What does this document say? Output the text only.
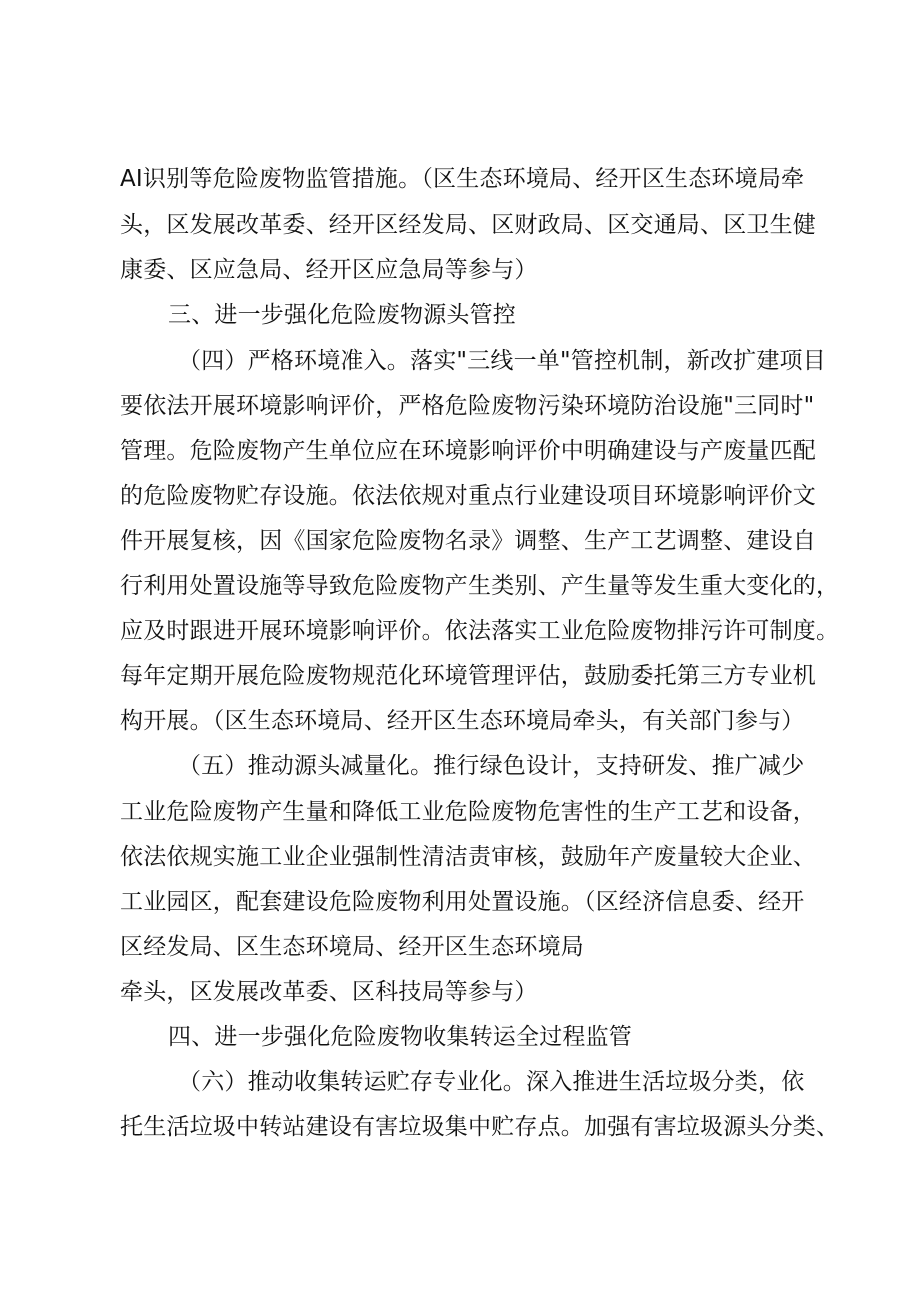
AI识别等危险废物监管措施。（区生态环境局、经开区生态环境局牵
头，区发展改革委、经开区经发局、区财政局、区交通局、区卫生健
康委、区应急局、经开区应急局等参与）
三、进一步强化危险废物源头管控
（四）严格环境准入。落实"三线一单"管控机制，新改扩建项目
要依法开展环境影响评价，严格危险废物污染环境防治设施"三同时"
管理。危险废物产生单位应在环境影响评价中明确建设与产废量匹配
的危险废物贮存设施。依法依规对重点行业建设项目环境影响评价文
件开展复核，因《国家危险废物名录》调整、生产工艺调整、建设自
行利用处置设施等导致危险废物产生类别、产生量等发生重大变化的，
应及时跟进开展环境影响评价。依法落实工业危险废物排污许可制度。
每年定期开展危险废物规范化环境管理评估，鼓励委托第三方专业机
构开展。（区生态环境局、经开区生态环境局牵头，有关部门参与）
（五）推动源头减量化。推行绿色设计，支持研发、推广减少
工业危险废物产生量和降低工业危险废物危害性的生产工艺和设备，
依法依规实施工业企业强制性清洁责审核，鼓励年产废量较大企业、
工业园区，配套建设危险废物利用处置设施。（区经济信息委、经开
区经发局、区生态环境局、经开区生态环境局
牵头，区发展改革委、区科技局等参与）
四、进一步强化危险废物收集转运全过程监管
（六）推动收集转运贮存专业化。深入推进生活垃圾分类，依
托生活垃圾中转站建设有害垃圾集中贮存点。加强有害垃圾源头分类、
